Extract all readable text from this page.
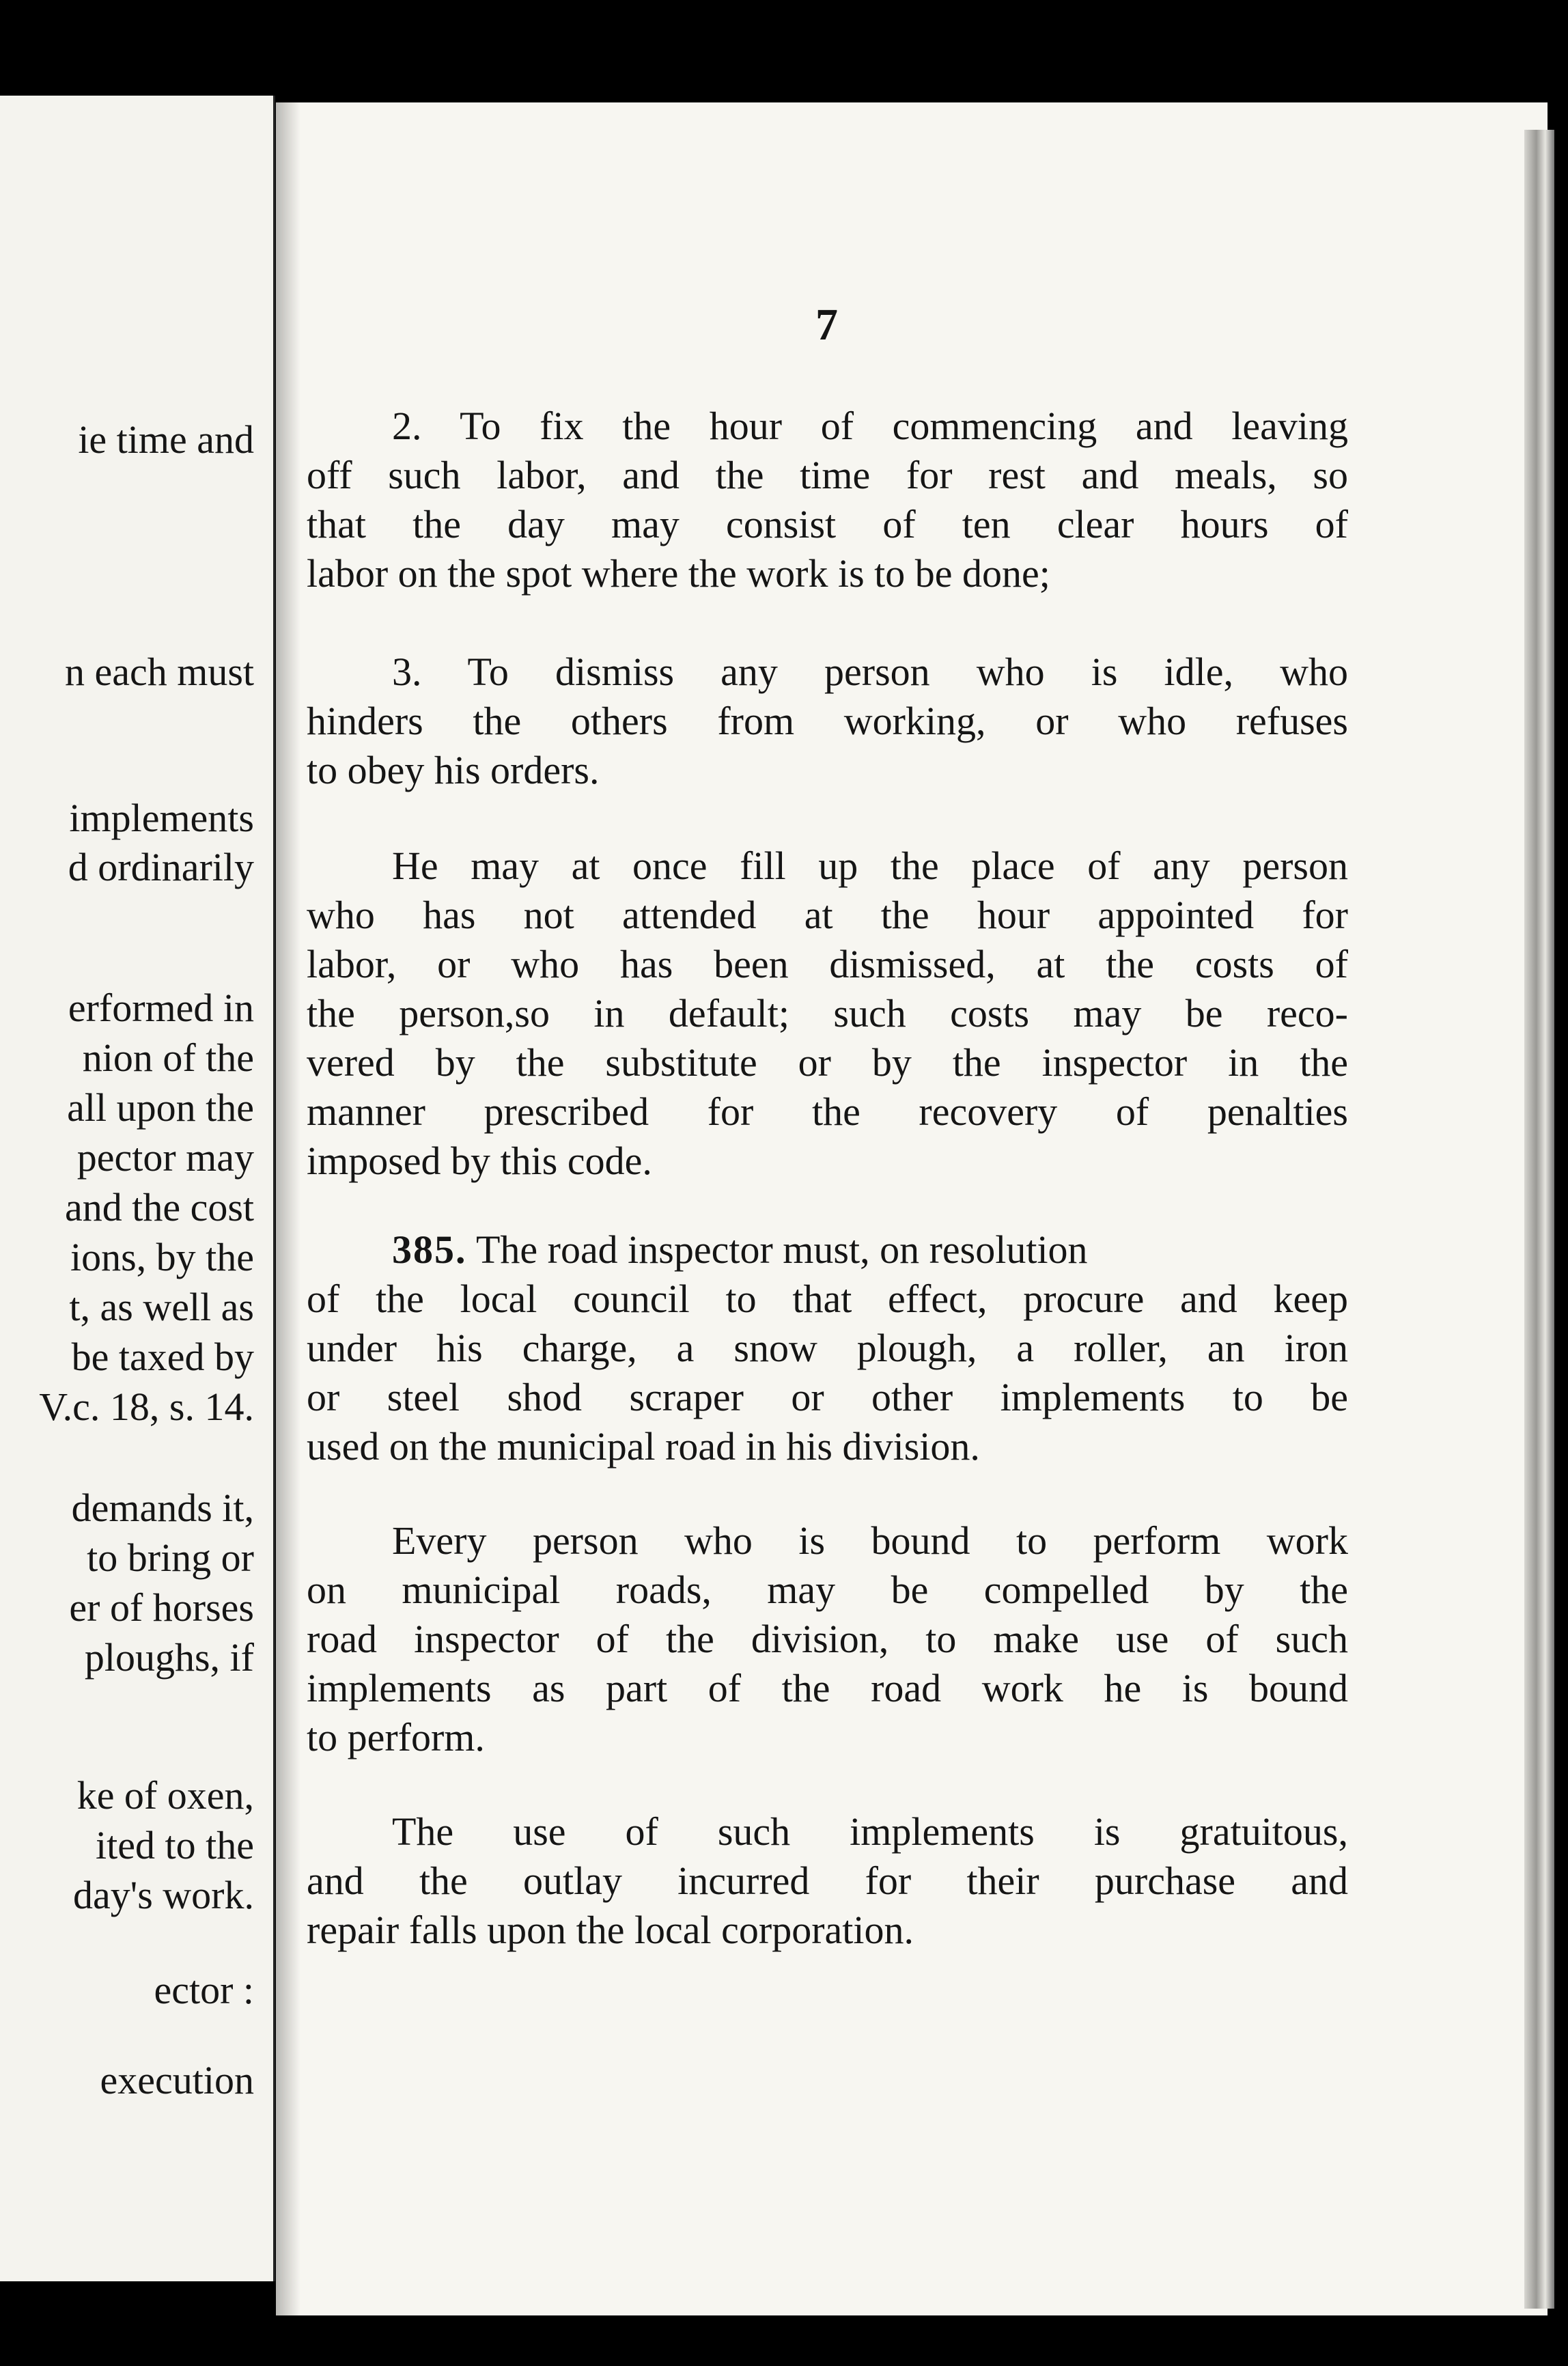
ie time and
n each must
implements
d ordinarily
erformed in
nion of the
all upon the
pector may
and the cost
ions, by the
t, as well as
be taxed by
V.c. 18, s. 14.
demands it,
to bring or
er of horses
ploughs, if
ke of oxen,
ited to the
day's work.
ector :
execution
7
2. To fix the hour of commencing and leaving
off such labor, and the time for rest and meals, so
that the day may consist of ten clear hours of
labor on the spot where the work is to be done;
3. To dismiss any person who is idle, who
hinders the others from working, or who refuses
to obey his orders.
He may at once fill up the place of any person
who has not attended at the hour appointed for
labor, or who has been dismissed, at the costs of
the person,so in default; such costs may be reco-
vered by the substitute or by the inspector in the
manner prescribed for the recovery of penalties
imposed by this code.
385. The road inspector must, on resolution
of the local council to that effect, procure and keep
under his charge, a snow plough, a roller, an iron
or steel shod scraper or other implements to be
used on the municipal road in his division.
Every person who is bound to perform work
on municipal roads, may be compelled by the
road inspector of the division, to make use of such
implements as part of the road work he is bound
to perform.
The use of such implements is gratuitous,
and the outlay incurred for their purchase and
repair falls upon the local corporation.
